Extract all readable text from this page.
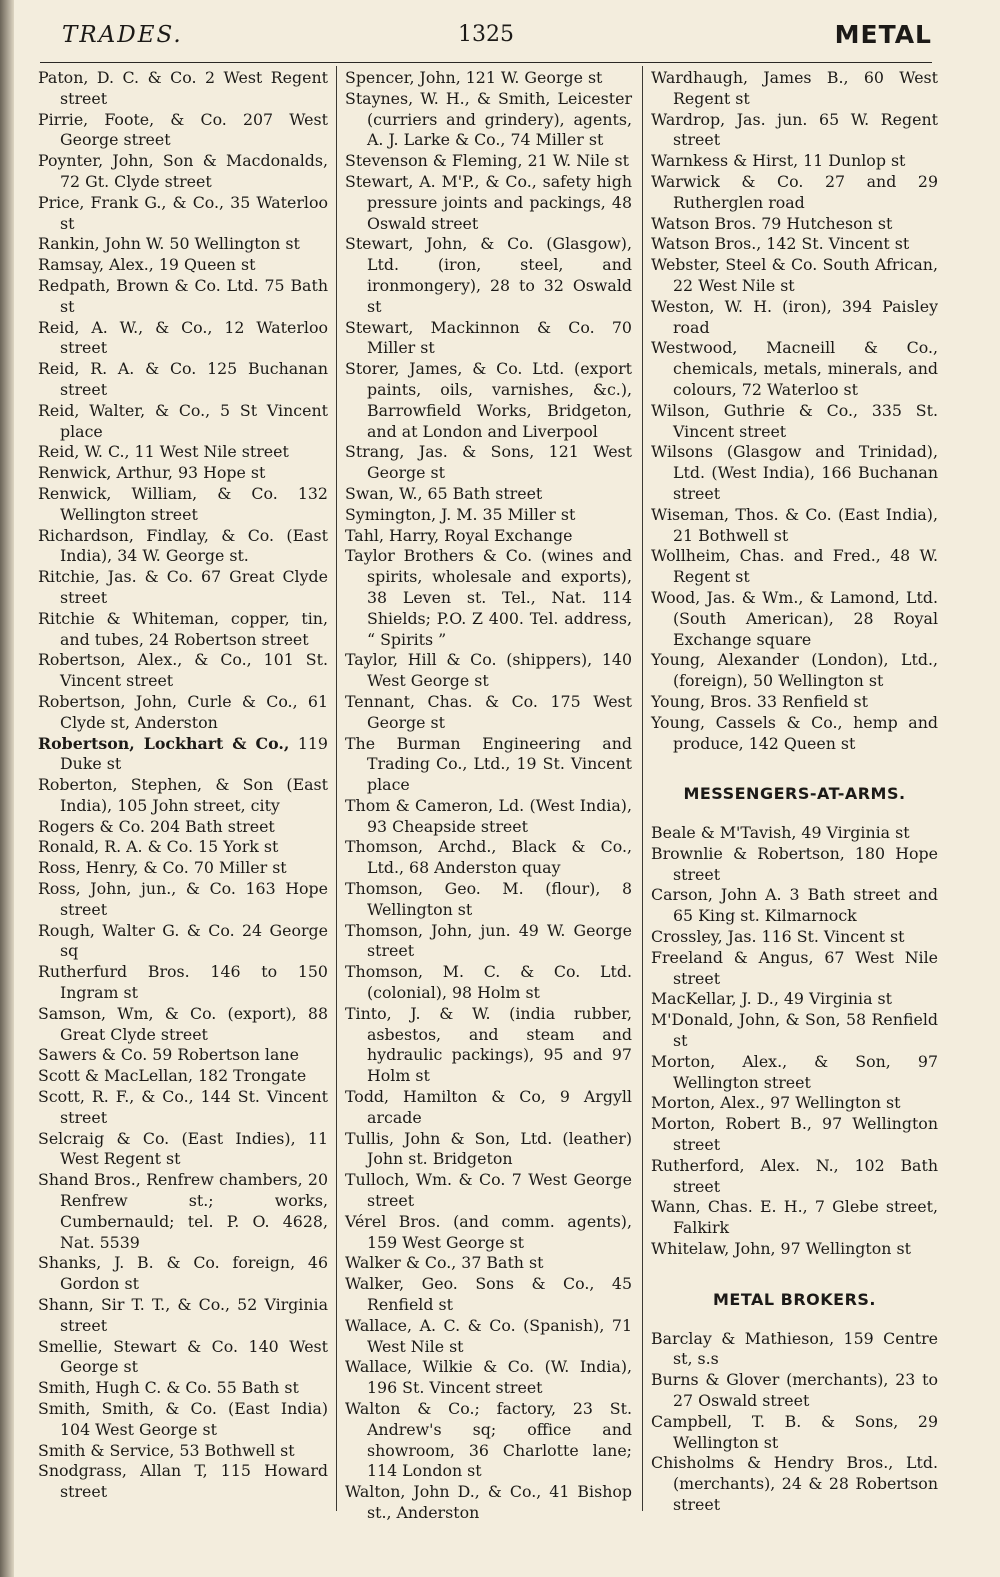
TRADES.	1325	METAL

Paton, D. C. & Co. 2 West Regent street

Pirrie, Foote, & Co. 207 West George street

Poynter, John, Son & Macdonalds, 72 Gt. Clyde street

Price, Frank G., & Co., 35 Waterloo st

Rankin, John W. 50 Wellington st

Ramsay, Alex., 19 Queen st

Redpath, Brown & Co. Ltd. 75 Bath st

Reid, A. W., & Co., 12 Waterloo street

Reid, R. A. & Co. 125 Buchanan street

Reid, Walter, & Co., 5 St Vincent place

Reid, W. C., 11 West Nile street

Renwick, Arthur, 93 Hope st

Renwick, William, & Co. 132 Wellington street

Richardson, Findlay, & Co. (East India), 34 W. George st.

Ritchie, Jas. & Co. 67 Great Clyde street

Ritchie & Whiteman, copper, tin, and tubes, 24 Robertson street

Robertson, Alex., & Co., 101 St. Vincent street

Robertson, John, Curle & Co., 61 Clyde st, Anderston

Robertson, Lockhart & Co., 119 Duke st

Roberton, Stephen, & Son (East India), 105 John street, city

Rogers & Co. 204 Bath street

Ronald, R. A. & Co. 15 York st

Ross, Henry, & Co. 70 Miller st

Ross, John, jun., & Co. 163 Hope street

Rough, Walter G. & Co. 24 George sq

Rutherfurd Bros. 146 to 150 Ingram st

Samson, Wm, & Co. (export), 88 Great Clyde street

Sawers & Co. 59 Robertson lane

Scott & MacLellan, 182 Trongate

Scott, R. F., & Co., 144 St. Vincent street

Selcraig & Co. (East Indies), 11 West Regent st

Shand Bros., Renfrew chambers, 20 Renfrew st.; works, Cumbernauld; tel. P. O. 4628, Nat. 5539

Shanks, J. B. & Co. foreign, 46 Gordon st

Shann, Sir T. T., & Co., 52 Virginia street

Smellie, Stewart & Co. 140 West George st

Smith, Hugh C. & Co. 55 Bath st

Smith, Smith, & Co. (East India) 104 West George st

Smith & Service, 53 Bothwell st

Snodgrass, Allan T, 115 Howard street

Spencer, John, 121 W. George st

Staynes, W. H., & Smith, Leicester (curriers and grindery), agents, A. J. Larke & Co., 74 Miller st

Stevenson & Fleming, 21 W. Nile st

Stewart, A. M'P., & Co., safety high pressure joints and packings, 48 Oswald street

Stewart, John, & Co. (Glasgow), Ltd. (iron, steel, and ironmongery), 28 to 32 Oswald st

Stewart, Mackinnon & Co. 70 Miller st

Storer, James, & Co. Ltd. (export paints, oils, varnishes, &c.), Barrowfield Works, Bridgeton, and at London and Liverpool

Strang, Jas. & Sons, 121 West George st

Swan, W., 65 Bath street

Symington, J. M. 35 Miller st

Tahl, Harry, Royal Exchange

Taylor Brothers & Co. (wines and spirits, wholesale and exports), 38 Leven st. Tel., Nat. 114 Shields; P.O. Z 400. Tel. address, “ Spirits ”

Taylor, Hill & Co. (shippers), 140 West George st

Tennant, Chas. & Co. 175 West George st

The Burman Engineering and Trading Co., Ltd., 19 St. Vincent place

Thom & Cameron, Ld. (West India), 93 Cheapside street

Thomson, Archd., Black & Co., Ltd., 68 Anderston quay

Thomson, Geo. M. (flour), 8 Wellington st

Thomson, John, jun. 49 W. George street

Thomson, M. C. & Co. Ltd. (colonial), 98 Holm st

Tinto, J. & W. (india rubber, asbestos, and steam and hydraulic packings), 95 and 97 Holm st

Todd, Hamilton & Co, 9 Argyll arcade

Tullis, John & Son, Ltd. (leather) John st. Bridgeton

Tulloch, Wm. & Co. 7 West George street

Vérel Bros. (and comm. agents), 159 West George st

Walker & Co., 37 Bath st

Walker, Geo. Sons & Co., 45 Renfield st

Wallace, A. C. & Co. (Spanish), 71 West Nile st

Wallace, Wilkie & Co. (W. India), 196 St. Vincent street

Walton & Co.; factory, 23 St. Andrew's sq; office and showroom, 36 Charlotte lane; 114 London st

Walton, John D., & Co., 41 Bishop st., Anderston

Wardhaugh, James B., 60 West Regent st

Wardrop, Jas. jun. 65 W. Regent street

Warnkess & Hirst, 11 Dunlop st

Warwick & Co. 27 and 29 Rutherglen road

Watson Bros. 79 Hutcheson st

Watson Bros., 142 St. Vincent st

Webster, Steel & Co. South African, 22 West Nile st

Weston, W. H. (iron), 394 Paisley road

Westwood, Macneill & Co., chemicals, metals, minerals, and colours, 72 Waterloo st

Wilson, Guthrie & Co., 335 St. Vincent street

Wilsons (Glasgow and Trinidad), Ltd. (West India), 166 Buchanan street

Wiseman, Thos. & Co. (East India), 21 Bothwell st

Wollheim, Chas. and Fred., 48 W. Regent st

Wood, Jas. & Wm., & Lamond, Ltd. (South American), 28 Royal Exchange square

Young, Alexander (London), Ltd., (foreign), 50 Wellington st

Young, Bros. 33 Renfield st

Young, Cassels & Co., hemp and produce, 142 Queen st

MESSENGERS-AT-ARMS.

Beale & M'Tavish, 49 Virginia st

Brownlie & Robertson, 180 Hope street

Carson, John A. 3 Bath street and 65 King st. Kilmarnock

Crossley, Jas. 116 St. Vincent st

Freeland & Angus, 67 West Nile street

MacKellar, J. D., 49 Virginia st

M'Donald, John, & Son, 58 Renfield st

Morton, Alex., & Son, 97 Wellington street

Morton, Alex., 97 Wellington st

Morton, Robert B., 97 Wellington street

Rutherford, Alex. N., 102 Bath street

Wann, Chas. E. H., 7 Glebe street, Falkirk

Whitelaw, John, 97 Wellington st

METAL BROKERS.

Barclay & Mathieson, 159 Centre st, s.s

Burns & Glover (merchants), 23 to 27 Oswald street

Campbell, T. B. & Sons, 29 Wellington st

Chisholms & Hendry Bros., Ltd. (merchants), 24 & 28 Robertson street
